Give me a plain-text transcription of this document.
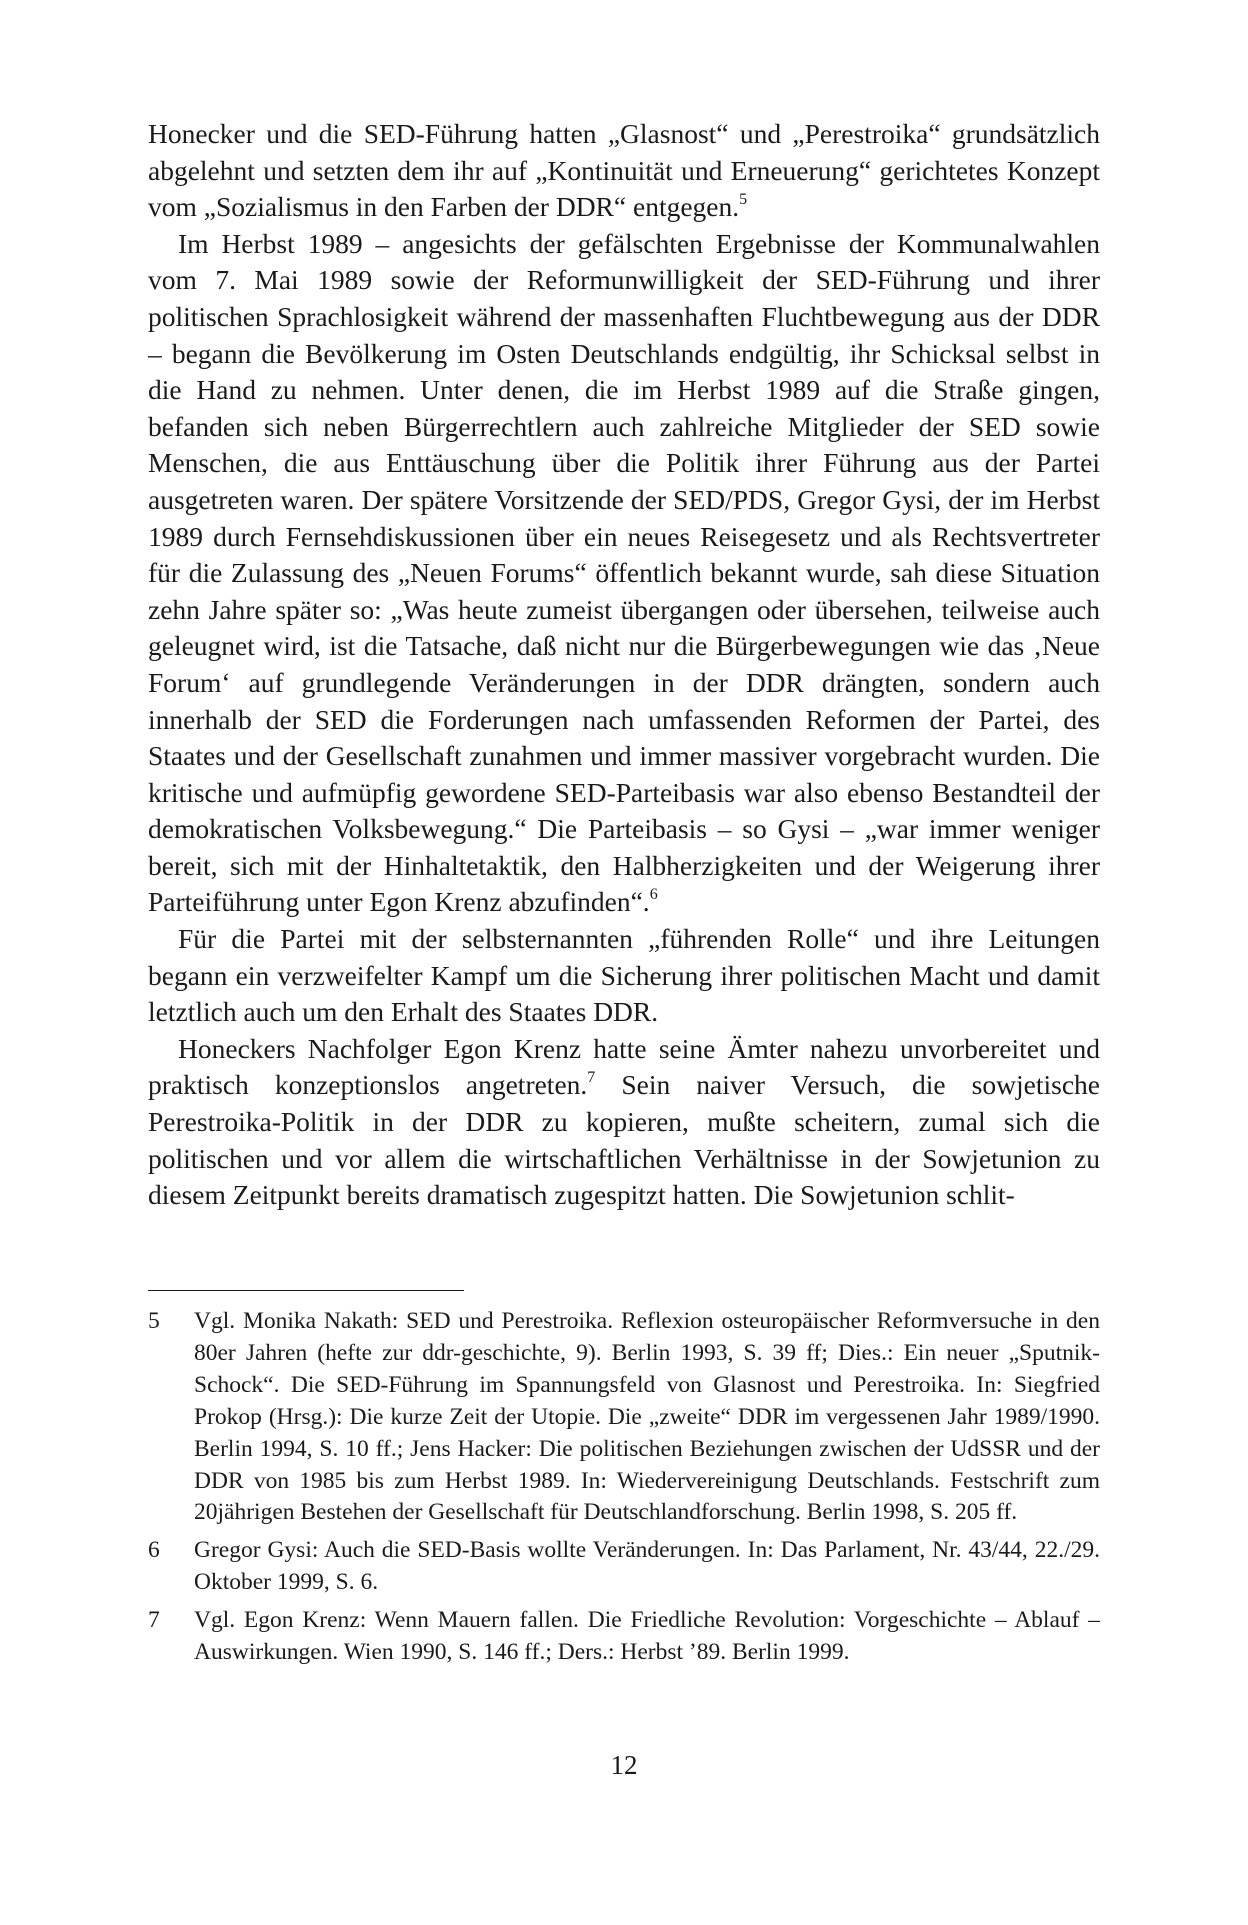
Honecker und die SED-Führung hatten „Glasnost“ und „Perestroika“ grundsätzlich abgelehnt und setzten dem ihr auf „Kontinuität und Erneuerung“ gerichtetes Konzept vom „Sozialismus in den Farben der DDR“ entgegen.$^5$

Im Herbst 1989 – angesichts der gefälschten Ergebnisse der Kommunalwahlen vom 7. Mai 1989 sowie der Reformunwilligkeit der SED-Führung und ihrer politischen Sprachlosigkeit während der massenhaften Fluchtbewegung aus der DDR – begann die Bevölkerung im Osten Deutschlands endgültig, ihr Schicksal selbst in die Hand zu nehmen. Unter denen, die im Herbst 1989 auf die Straße gingen, befanden sich neben Bürgerrechtlern auch zahlreiche Mitglieder der SED sowie Menschen, die aus Enttäuschung über die Politik ihrer Führung aus der Partei ausgetreten waren. Der spätere Vorsitzende der SED/PDS, Gregor Gysi, der im Herbst 1989 durch Fernsehdiskussionen über ein neues Reisegesetz und als Rechtsvertreter für die Zulassung des „Neuen Forums“ öffentlich bekannt wurde, sah diese Situation zehn Jahre später so: „Was heute zumeist übergangen oder übersehen, teilweise auch geleugnet wird, ist die Tatsache, daß nicht nur die Bürgerbewegungen wie das ‚Neue Forum‘ auf grundlegende Veränderungen in der DDR drängten, sondern auch innerhalb der SED die Forderungen nach umfassenden Reformen der Partei, des Staates und der Gesellschaft zunahmen und immer massiver vorgebracht wurden. Die kritische und aufmüpfig gewordene SED-Parteibasis war also ebenso Bestandteil der demokratischen Volksbewegung.“ Die Parteibasis – so Gysi – „war immer weniger bereit, sich mit der Hinhaltetaktik, den Halbherzigkeiten und der Weigerung ihrer Parteiführung unter Egon Krenz abzufinden“.$^6$

Für die Partei mit der selbsternannten „führenden Rolle“ und ihre Leitungen begann ein verzweifelter Kampf um die Sicherung ihrer politischen Macht und damit letztlich auch um den Erhalt des Staates DDR.

Honeckers Nachfolger Egon Krenz hatte seine Ämter nahezu unvorbereitet und praktisch konzeptionslos angetreten.$^7$ Sein naiver Versuch, die sowjetische Perestroika-Politik in der DDR zu kopieren, mußte scheitern, zumal sich die politischen und vor allem die wirtschaftlichen Verhältnisse in der Sowjetunion zu diesem Zeitpunkt bereits dramatisch zugespitzt hatten. Die Sowjetunion schlit-

5	Vgl. Monika Nakath: SED und Perestroika. Reflexion osteuropäischer Reformversuche in den 80er Jahren (hefte zur ddr-geschichte, 9). Berlin 1993, S. 39 ff; Dies.: Ein neuer „Sputnik-Schock“. Die SED-Führung im Spannungsfeld von Glasnost und Perestroika. In: Siegfried Prokop (Hrsg.): Die kurze Zeit der Utopie. Die „zweite“ DDR im vergessenen Jahr 1989/1990. Berlin 1994, S. 10 ff.; Jens Hacker: Die politischen Beziehungen zwischen der UdSSR und der DDR von 1985 bis zum Herbst 1989. In: Wiedervereinigung Deutschlands. Festschrift zum 20jährigen Bestehen der Gesellschaft für Deutschlandforschung. Berlin 1998, S. 205 ff.
6	Gregor Gysi: Auch die SED-Basis wollte Veränderungen. In: Das Parlament, Nr. 43/44, 22./29. Oktober 1999, S. 6.
7	Vgl. Egon Krenz: Wenn Mauern fallen. Die Friedliche Revolution: Vorgeschichte – Ablauf – Auswirkungen. Wien 1990, S. 146 ff.; Ders.: Herbst ’89. Berlin 1999.
12
